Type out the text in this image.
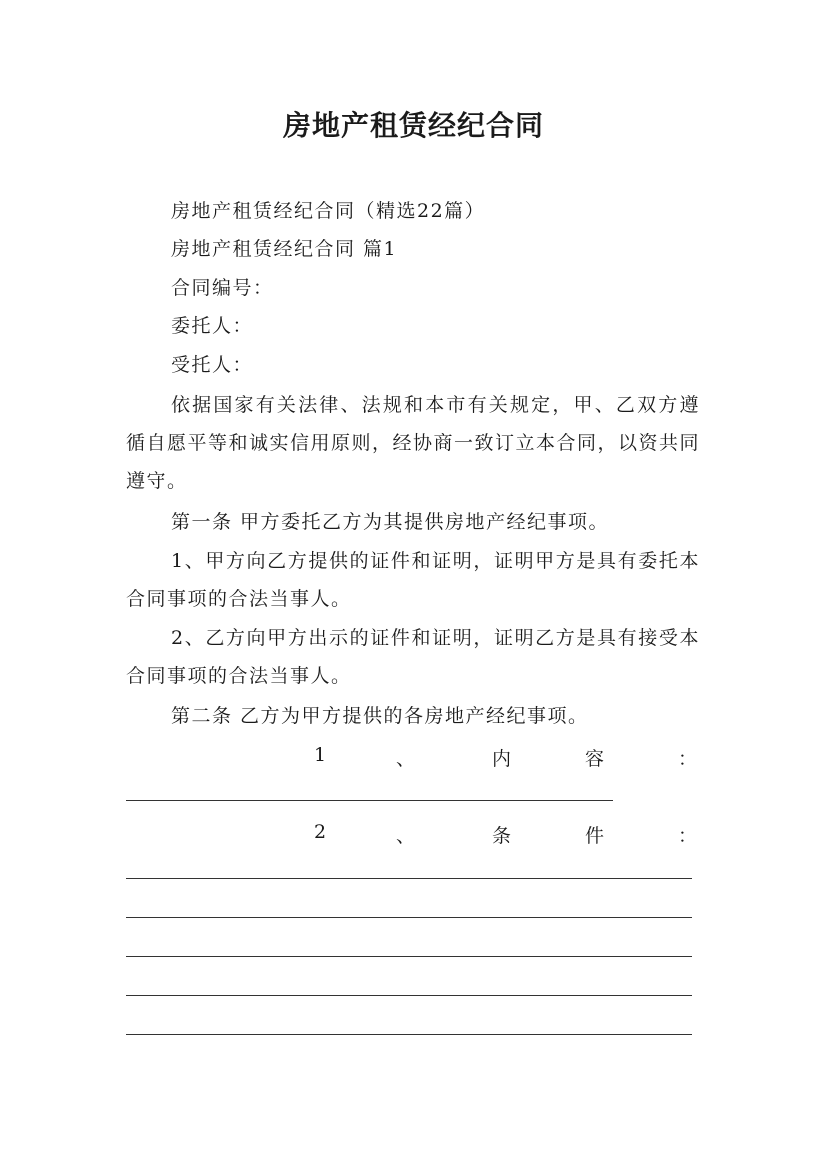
房地产租赁经纪合同
房地产租赁经纪合同（精选22篇）
房地产租赁经纪合同 篇1
合同编号：
委托人：
受托人：
依据国家有关法律、法规和本市有关规定，甲、乙双方遵循自愿平等和诚实信用原则，经协商一致订立本合同，以资共同遵守。
第一条 甲方委托乙方为其提供房地产经纪事项。
1、甲方向乙方提供的证件和证明，证明甲方是具有委托本合同事项的合法当事人。
2、乙方向甲方出示的证件和证明，证明乙方是具有接受本合同事项的合法当事人。
第二条 乙方为甲方提供的各房地产经纪事项。
1	、	内	容	：
2	、	条	件	：
